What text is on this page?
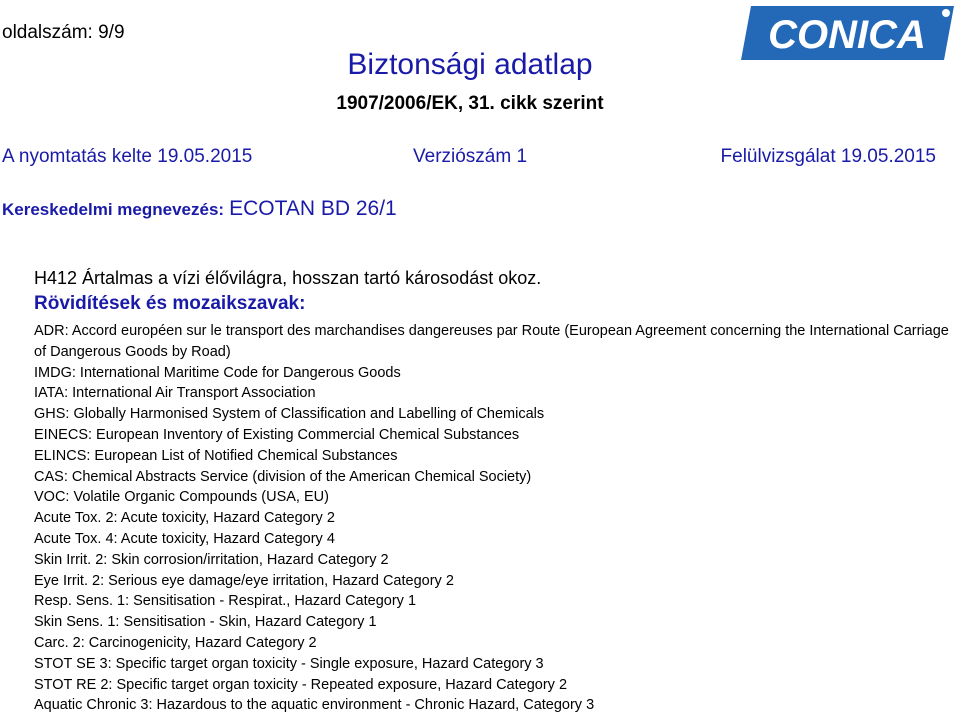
oldalszám: 9/9	CONICA
Biztonsági adatlap
1907/2006/EK, 31. cikk szerint
A nyomtatás kelte 19.05.2015	Verziószám 1	Felülvizsgálat 19.05.2015
Kereskedelmi megnevezés: ECOTAN BD 26/1
H412 Ártalmas a vízi élővilágra, hosszan tartó károsodást okoz.
Rövidítések és mozaikszavak:
ADR: Accord européen sur le transport des marchandises dangereuses par Route (European Agreement concerning the International Carriage of Dangerous Goods by Road)
IMDG: International Maritime Code for Dangerous Goods
IATA: International Air Transport Association
GHS: Globally Harmonised System of Classification and Labelling of Chemicals
EINECS: European Inventory of Existing Commercial Chemical Substances
ELINCS: European List of Notified Chemical Substances
CAS: Chemical Abstracts Service (division of the American Chemical Society)
VOC: Volatile Organic Compounds (USA, EU)
Acute Tox. 2: Acute toxicity, Hazard Category 2
Acute Tox. 4: Acute toxicity, Hazard Category 4
Skin Irrit. 2: Skin corrosion/irritation, Hazard Category 2
Eye Irrit. 2: Serious eye damage/eye irritation, Hazard Category 2
Resp. Sens. 1: Sensitisation - Respirat., Hazard Category 1
Skin Sens. 1: Sensitisation - Skin, Hazard Category 1
Carc. 2: Carcinogenicity, Hazard Category 2
STOT SE 3: Specific target organ toxicity - Single exposure, Hazard Category 3
STOT RE 2: Specific target organ toxicity - Repeated exposure, Hazard Category 2
Aquatic Chronic 3: Hazardous to the aquatic environment - Chronic Hazard, Category 3
